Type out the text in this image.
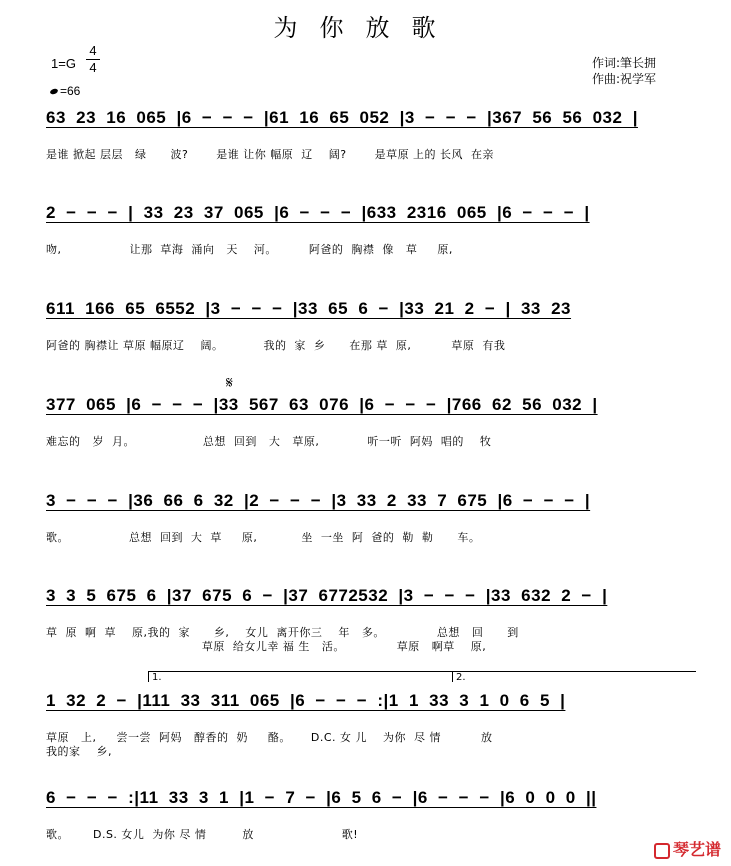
为你放歌
1=G
4
4
=66
作词:筆长拥
作曲:祝学军
63 23 16 065 |6 − − − |61 16 65 052 |3 − − − |367 56 56 032 |
是谁 掀起 层层   绿      波?       是谁 让你 幅原  辽    阔?       是草原 上的 长风  在亲
2 − − − | 33 23 37 065 |6 − − − |633 2316 065 |6 − − − |
吻,                 让那  草海  涌向   天    河。        阿爸的  胸襟  像   草     原,
611 166 65 6552 |3 − − − |33 65 6 − |33 21 2 − | 33 23
阿爸的 胸襟让 草原 幅原辽    阔。          我的  家  乡      在那 草  原,          草原  有我
𝄋
377 065 |6 − − − |33 567 63 076 |6 − − − |766 62 56 032 |
难忘的   岁  月。                 总想  回到   大   草原,            听一听  阿妈  唱的    牧
3 − − − |36 66 6 32 |2 − − − |3 33 2 33 7 675 |6 − − − |
歌。               总想  回到  大  草     原,           坐  一坐  阿  爸的  勒  勒      车。
3 3 5 675 6 |37 675 6 − |37 6772532 |3 − − − |33 632 2 − |
草  原  啊  草    原,我的  家      乡,    女儿  离开你三    年   多。             总想   回      到
草原  给女儿幸 福 生   活。             草原   啊草    原,
1.	2.
1 32 2 − |111 33 311 065 |6 − − − :|1 1 33 3 1 0 6 5 |
草原   上,     尝一尝  阿妈   醇香的  奶     酪。     D.C. 女 儿    为你  尽 情          放
我的家    乡,
6 − − − :|11 33 3 1 |1 − 7 − |6 5 6 − |6 − − − |6 0 0 0 ||
歌。      D.S. 女儿  为你 尽 情         放                      歌!
琴艺谱
